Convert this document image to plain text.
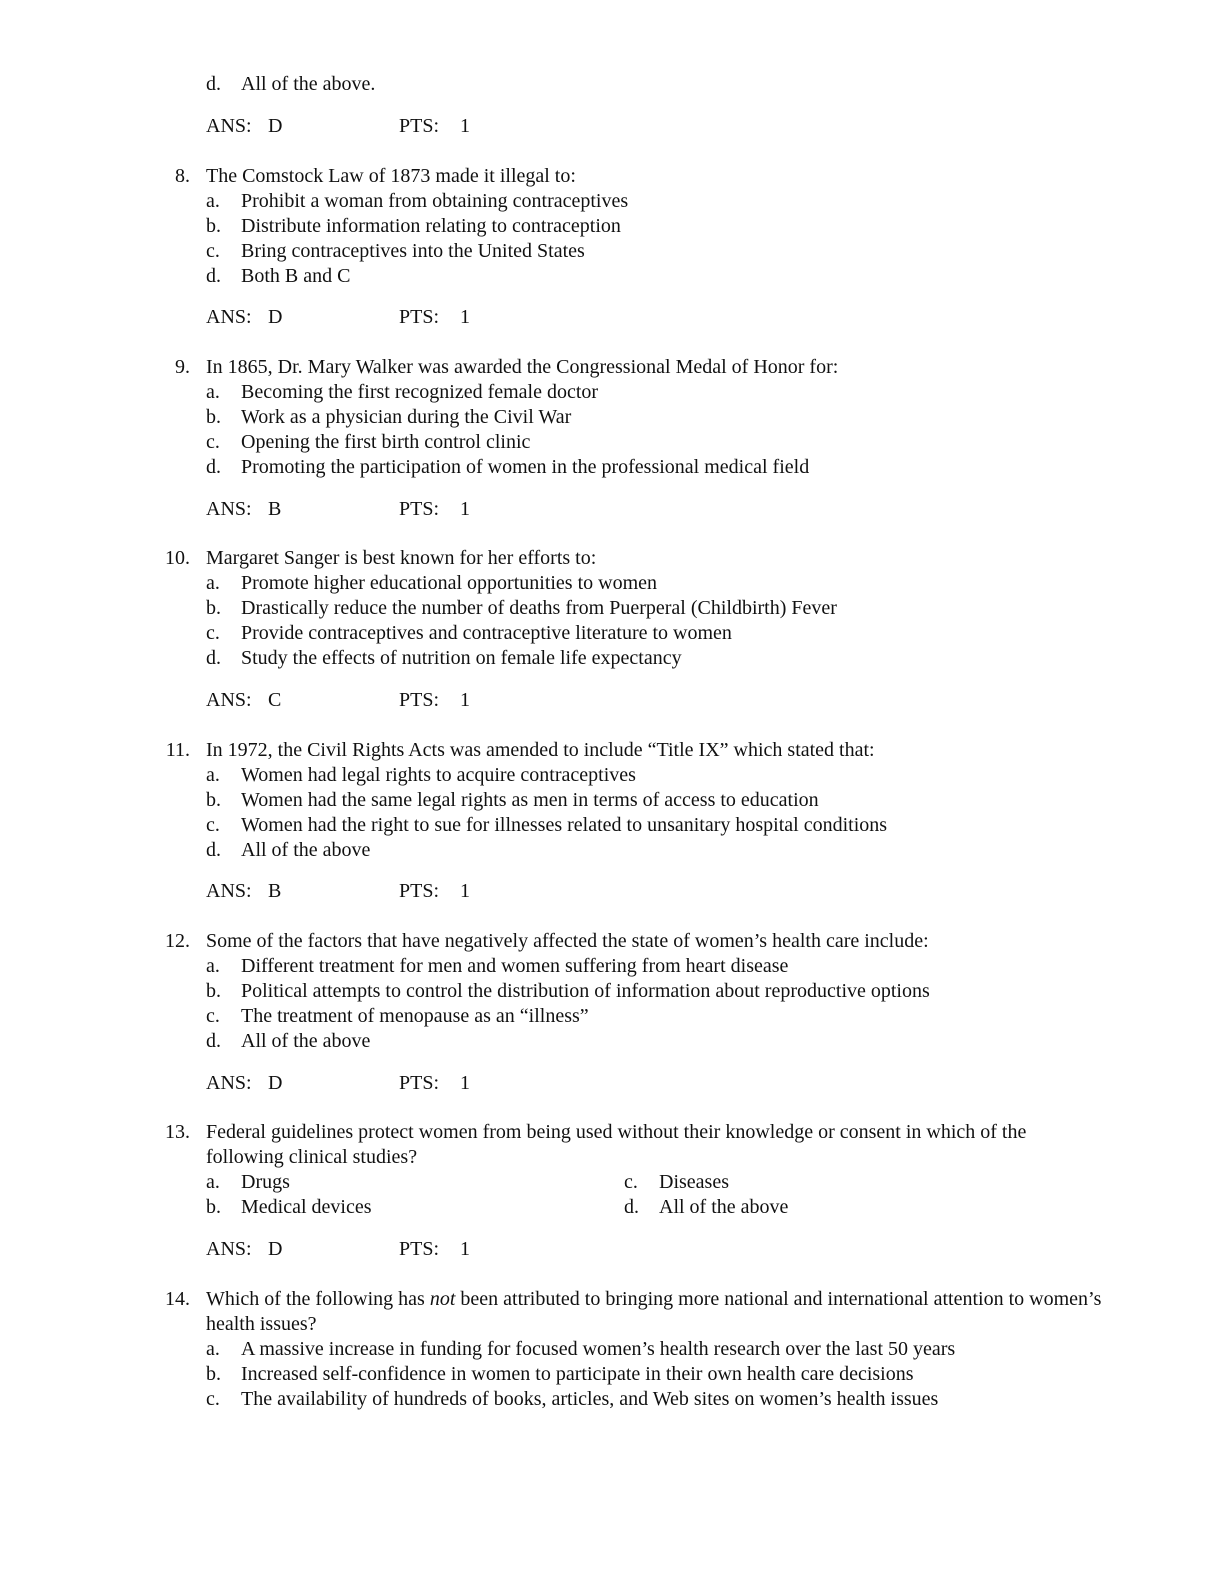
d. All of the above.
ANS: D	PTS: 1
8. The Comstock Law of 1873 made it illegal to:
a. Prohibit a woman from obtaining contraceptives
b. Distribute information relating to contraception
c. Bring contraceptives into the United States
d. Both B and C
ANS: D	PTS: 1
9. In 1865, Dr. Mary Walker was awarded the Congressional Medal of Honor for:
a. Becoming the first recognized female doctor
b. Work as a physician during the Civil War
c. Opening the first birth control clinic
d. Promoting the participation of women in the professional medical field
ANS: B	PTS: 1
10. Margaret Sanger is best known for her efforts to:
a. Promote higher educational opportunities to women
b. Drastically reduce the number of deaths from Puerperal (Childbirth) Fever
c. Provide contraceptives and contraceptive literature to women
d. Study the effects of nutrition on female life expectancy
ANS: C	PTS: 1
11. In 1972, the Civil Rights Acts was amended to include “Title IX” which stated that:
a. Women had legal rights to acquire contraceptives
b. Women had the same legal rights as men in terms of access to education
c. Women had the right to sue for illnesses related to unsanitary hospital conditions
d. All of the above
ANS: B	PTS: 1
12. Some of the factors that have negatively affected the state of women’s health care include:
a. Different treatment for men and women suffering from heart disease
b. Political attempts to control the distribution of information about reproductive options
c. The treatment of menopause as an “illness”
d. All of the above
ANS: D	PTS: 1
13. Federal guidelines protect women from being used without their knowledge or consent in which of the following clinical studies?
a. Drugs
b. Medical devices
c. Diseases
d. All of the above
ANS: D	PTS: 1
14. Which of the following has not been attributed to bringing more national and international attention to women’s health issues?
a. A massive increase in funding for focused women’s health research over the last 50 years
b. Increased self-confidence in women to participate in their own health care decisions
c. The availability of hundreds of books, articles, and Web sites on women’s health issues
